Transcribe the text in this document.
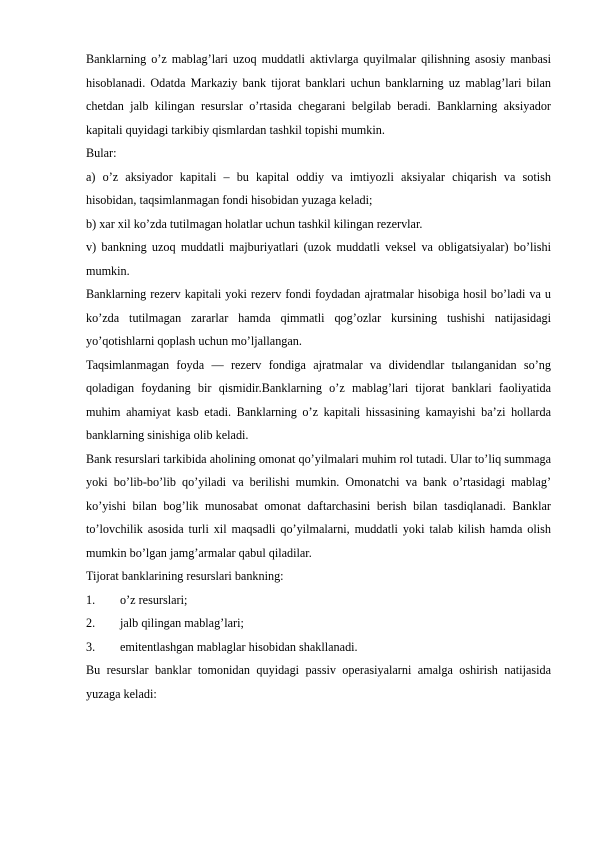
Banklarning o’z mablag’lari uzoq muddatli aktivlarga quyilmalar qilishning asosiy manbasi hisoblanadi. Odatda Markaziy bank tijorat banklari uchun banklarning uz mablag’lari bilan chetdan jalb kilingan resurslar o’rtasida chegarani belgilab beradi. Banklarning aksiyador kapitali quyidagi tarkibiy qismlardan tashkil topishi mumkin.

Bular:

a) o’z aksiyador kapitali – bu kapital oddiy va imtiyozli aksiyalar chiqarish va sotish hisobidan, taqsimlanmagan fondi hisobidan yuzaga keladi;

b) xar xil ko’zda tutilmagan holatlar uchun tashkil kilingan rezervlar.

v) bankning uzoq muddatli majburiyatlari (uzok muddatli veksel va obligatsiyalar) bo’lishi mumkin.

Banklarning rezerv kapitali yoki rezerv fondi foydadan ajratmalar hisobiga hosil bo’ladi va u ko’zda tutilmagan zararlar hamda qimmatli qog’ozlar kursining tushishi natijasidagi yo’qotishlarni qoplash uchun mo’ljallangan.

Taqsimlanmagan foyda — rezerv fondiga ajratmalar va dividendlar tыlanganidan so’ng qoladigan foydaning bir qismidir.Banklarning o’z mablag’lari tijorat banklari faoliyatida muhim ahamiyat kasb etadi. Banklarning o’z kapitali hissasining kamayishi ba’zi hollarda banklarning sinishiga olib keladi.

Bank resurslari tarkibida aholining omonat qo’yilmalari muhim rol tutadi. Ular to’liq summaga yoki bo’lib-bo’lib qo’yiladi va berilishi mumkin. Omonatchi va bank o’rtasidagi mablag’ ko’yishi bilan bog’lik munosabat omonat daftarchasini berish bilan tasdiqlanadi. Banklar to’lovchilik asosida turli xil maqsadli qo’yilmalarni, muddatli yoki talab kilish hamda olish mumkin bo’lgan jamg’armalar qabul qiladilar.

Tijorat banklarining resurslari bankning:

1.	o’z resurslari;
2.	jalb qilingan mablag’lari;
3.	emitentlashgan mablaglar hisobidan shakllanadi.

Bu resurslar banklar tomonidan quyidagi passiv operasiyalarni amalga oshirish natijasida yuzaga keladi:
